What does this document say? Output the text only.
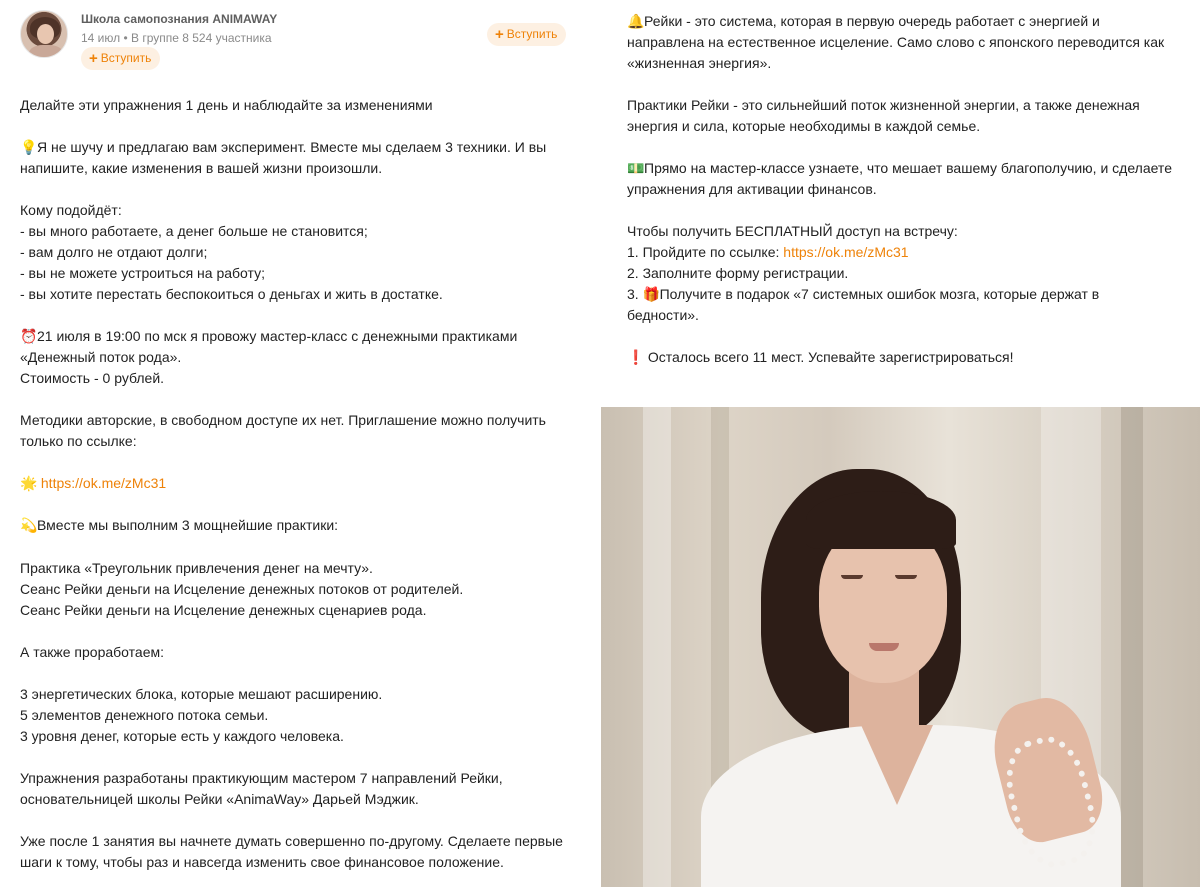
Школа самопознания ANIMAWAY
14 июл • В группе 8 524 участника
+ Вступить
+ Вступить
Делайте эти упражнения 1 день и наблюдайте за изменениями
💡Я не шучу и предлагаю вам эксперимент. Вместе мы сделаем 3 техники. И вы
напишите, какие изменения в вашей жизни произошли.
Кому подойдёт:
- вы много работаете, а денег больше не становится;
- вам долго не отдают долги;
- вы не можете устроиться на работу;
- вы хотите перестать беспокоиться о деньгах и жить в достатке.
⏰21 июля в 19:00 по мск я провожу мастер-класс с денежными практиками
«Денежный поток рода».
Стоимость - 0 рублей.
Методики авторские, в свободном доступе их нет. Приглашение можно получить
только по ссылке:
🌟 https://ok.me/zMc31
💫Вместе мы выполним 3 мощнейшие практики:
Практика «Треугольник привлечения денег на мечту».
Сеанс Рейки деньги на Исцеление денежных потоков от родителей.
Сеанс Рейки деньги на Исцеление денежных сценариев рода.
А также проработаем:
3 энергетических блока, которые мешают расширению.
5 элементов денежного потока семьи.
3 уровня денег, которые есть у каждого человека.
Упражнения разработаны практикующим мастером 7 направлений Рейки,
основательницей школы Рейки «AnimaWay» Дарьей Мэджик.
Уже после 1 занятия вы начнете думать совершенно по-другому. Сделаете первые
шаги к тому, чтобы раз и навсегда изменить свое финансовое положение.
🔔Рейки - это система, которая в первую очередь работает с энергией и
направлена на естественное исцеление. Само слово с японского переводится как
«жизненная энергия».
Практики Рейки - это сильнейший поток жизненной энергии, а также денежная
энергия и сила, которые необходимы в каждой семье.
💵Прямо на мастер-классе узнаете, что мешает вашему благополучию, и сделаете
упражнения для активации финансов.
Чтобы получить БЕСПЛАТНЫЙ доступ на встречу:
1. Пройдите по ссылке: https://ok.me/zMc31
2. Заполните форму регистрации.
3. 🎁Получите в подарок «7 системных ошибок мозга, которые держат в
бедности».
❗ Осталось всего 11 мест. Успевайте зарегистрироваться!
